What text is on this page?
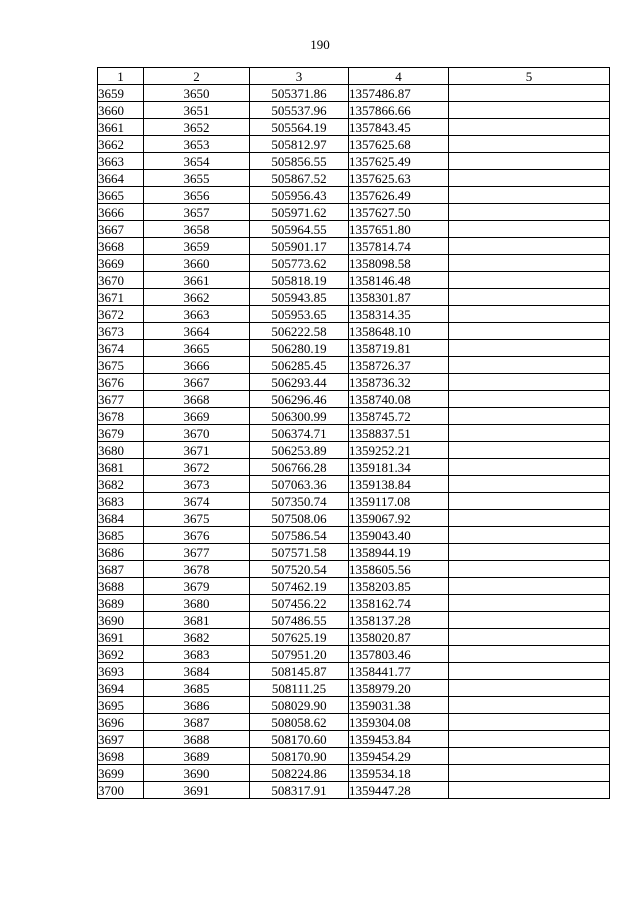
190
1	2	3	4	5
3659	3650	505371.86	1357486.87	
3660	3651	505537.96	1357866.66	
3661	3652	505564.19	1357843.45	
3662	3653	505812.97	1357625.68	
3663	3654	505856.55	1357625.49	
3664	3655	505867.52	1357625.63	
3665	3656	505956.43	1357626.49	
3666	3657	505971.62	1357627.50	
3667	3658	505964.55	1357651.80	
3668	3659	505901.17	1357814.74	
3669	3660	505773.62	1358098.58	
3670	3661	505818.19	1358146.48	
3671	3662	505943.85	1358301.87	
3672	3663	505953.65	1358314.35	
3673	3664	506222.58	1358648.10	
3674	3665	506280.19	1358719.81	
3675	3666	506285.45	1358726.37	
3676	3667	506293.44	1358736.32	
3677	3668	506296.46	1358740.08	
3678	3669	506300.99	1358745.72	
3679	3670	506374.71	1358837.51	
3680	3671	506253.89	1359252.21	
3681	3672	506766.28	1359181.34	
3682	3673	507063.36	1359138.84	
3683	3674	507350.74	1359117.08	
3684	3675	507508.06	1359067.92	
3685	3676	507586.54	1359043.40	
3686	3677	507571.58	1358944.19	
3687	3678	507520.54	1358605.56	
3688	3679	507462.19	1358203.85	
3689	3680	507456.22	1358162.74	
3690	3681	507486.55	1358137.28	
3691	3682	507625.19	1358020.87	
3692	3683	507951.20	1357803.46	
3693	3684	508145.87	1358441.77	
3694	3685	508111.25	1358979.20	
3695	3686	508029.90	1359031.38	
3696	3687	508058.62	1359304.08	
3697	3688	508170.60	1359453.84	
3698	3689	508170.90	1359454.29	
3699	3690	508224.86	1359534.18	
3700	3691	508317.91	1359447.28	
